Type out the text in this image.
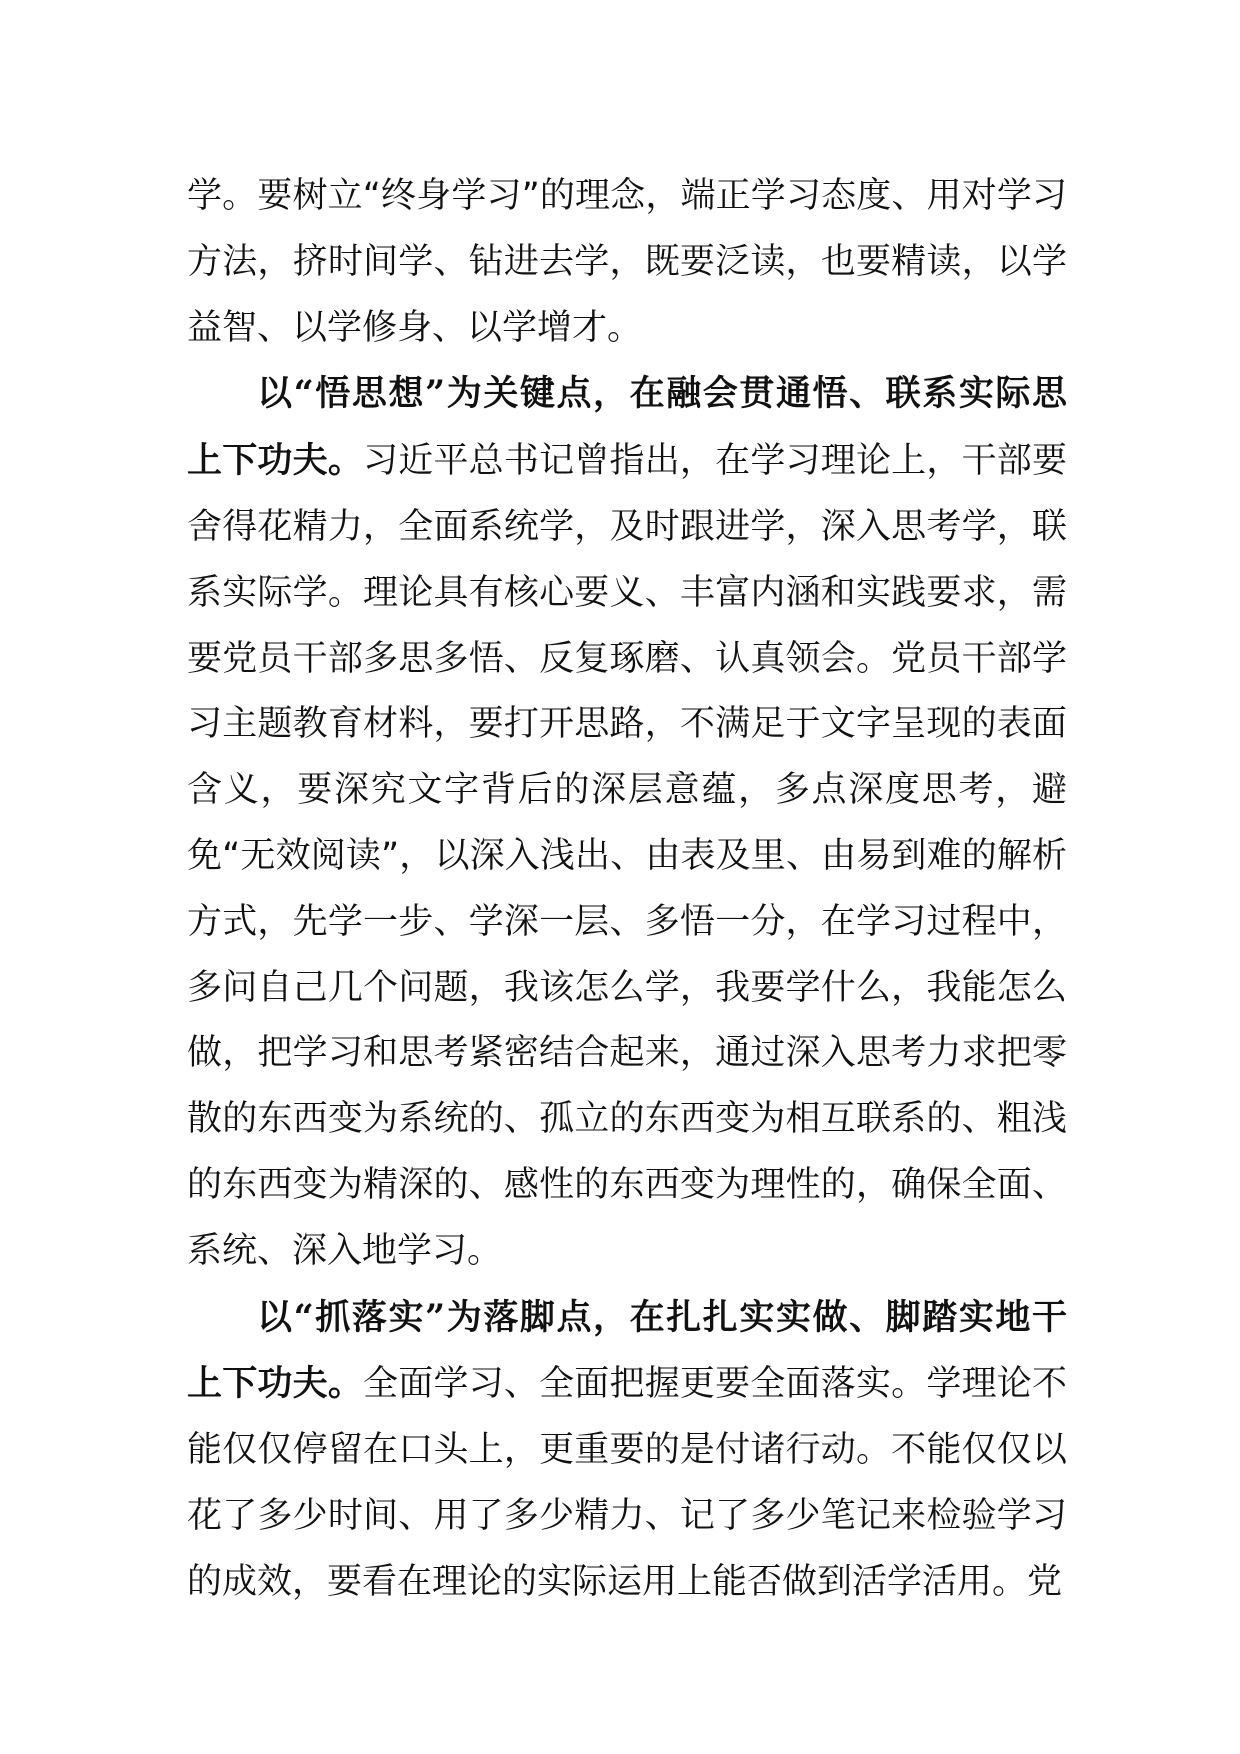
学。要树立“终身学习”的理念，端正学习态度、用对学习方法，挤时间学、钻进去学，既要泛读，也要精读，以学益智、以学修身、以学增才。

以“悟思想”为关键点，在融会贯通悟、联系实际思上下功夫。习近平总书记曾指出，在学习理论上，干部要舍得花精力，全面系统学，及时跟进学，深入思考学，联系实际学。理论具有核心要义、丰富内涵和实践要求，需要党员干部多思多悟、反复琢磨、认真领会。党员干部学习主题教育材料，要打开思路，不满足于文字呈现的表面含义，要深究文字背后的深层意蕴，多点深度思考，避免“无效阅读”，以深入浅出、由表及里、由易到难的解析方式，先学一步、学深一层、多悟一分，在学习过程中，多问自己几个问题，我该怎么学，我要学什么，我能怎么做，把学习和思考紧密结合起来，通过深入思考力求把零散的东西变为系统的、孤立的东西变为相互联系的、粗浅的东西变为精深的、感性的东西变为理性的，确保全面、系统、深入地学习。

以“抓落实”为落脚点，在扎扎实实做、脚踏实地干上下功夫。全面学习、全面把握更要全面落实。学理论不能仅仅停留在口头上，更重要的是付诸行动。不能仅仅以花了多少时间、用了多少精力、记了多少笔记来检验学习的成效，要看在理论的实际运用上能否做到活学活用。党
